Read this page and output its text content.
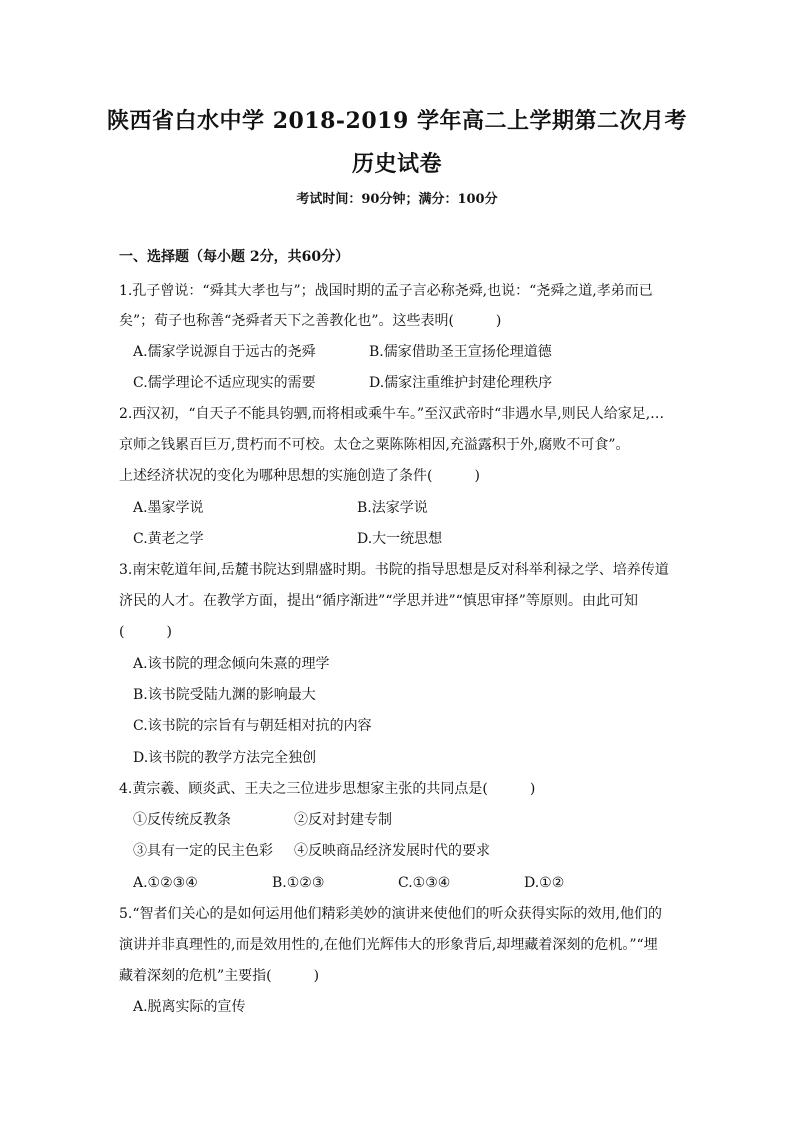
陕西省白水中学 2018-2019 学年高二上学期第二次月考
历史试卷
考试时间：90分钟；满分：100分
一、选择题（每小题 2分，共60分）
1.孔子曾说：“舜其大孝也与”；战国时期的孟子言必称尧舜,也说：“尧舜之道,孝弟而已
矣”；荀子也称善“尧舜者天下之善教化也”。这些表明(　　　)
A.儒家学说源自于远古的尧舜	B.儒家借助圣王宣扬伦理道德
C.儒学理论不适应现实的需要	D.儒家注重维护封建伦理秩序
2.西汉初，“自天子不能具钧驷,而将相或乘牛车。”至汉武帝时“非遇水旱,则民人给家足,…
京师之钱累百巨万,贯朽而不可校。太仓之粟陈陈相因,充溢露积于外,腐败不可食”。
上述经济状况的变化为哪种思想的实施创造了条件(　　　)
A.墨家学说	B.法家学说
C.黄老之学	D.大一统思想
3.南宋乾道年间,岳麓书院达到鼎盛时期。书院的指导思想是反对科举利禄之学、培养传道
济民的人才。在教学方面，提出“循序渐进”“学思并进”“慎思审择”等原则。由此可知
(　　　)
A.该书院的理念倾向朱熹的理学
B.该书院受陆九渊的影响最大
C.该书院的宗旨有与朝廷相对抗的内容
D.该书院的教学方法完全独创
4.黄宗羲、顾炎武、王夫之三位进步思想家主张的共同点是(　　　)
①反传统反教条	②反对封建专制
③具有一定的民主色彩 ④反映商品经济发展时代的要求
A.①②③④	B.①②③	C.①③④	D.①②
5.“智者们关心的是如何运用他们精彩美妙的演讲来使他们的听众获得实际的效用,他们的
演讲并非真理性的,而是效用性的,在他们光辉伟大的形象背后,却埋藏着深刻的危机。”“埋
藏着深刻的危机”主要指(　　　)
A.脱离实际的宣传
